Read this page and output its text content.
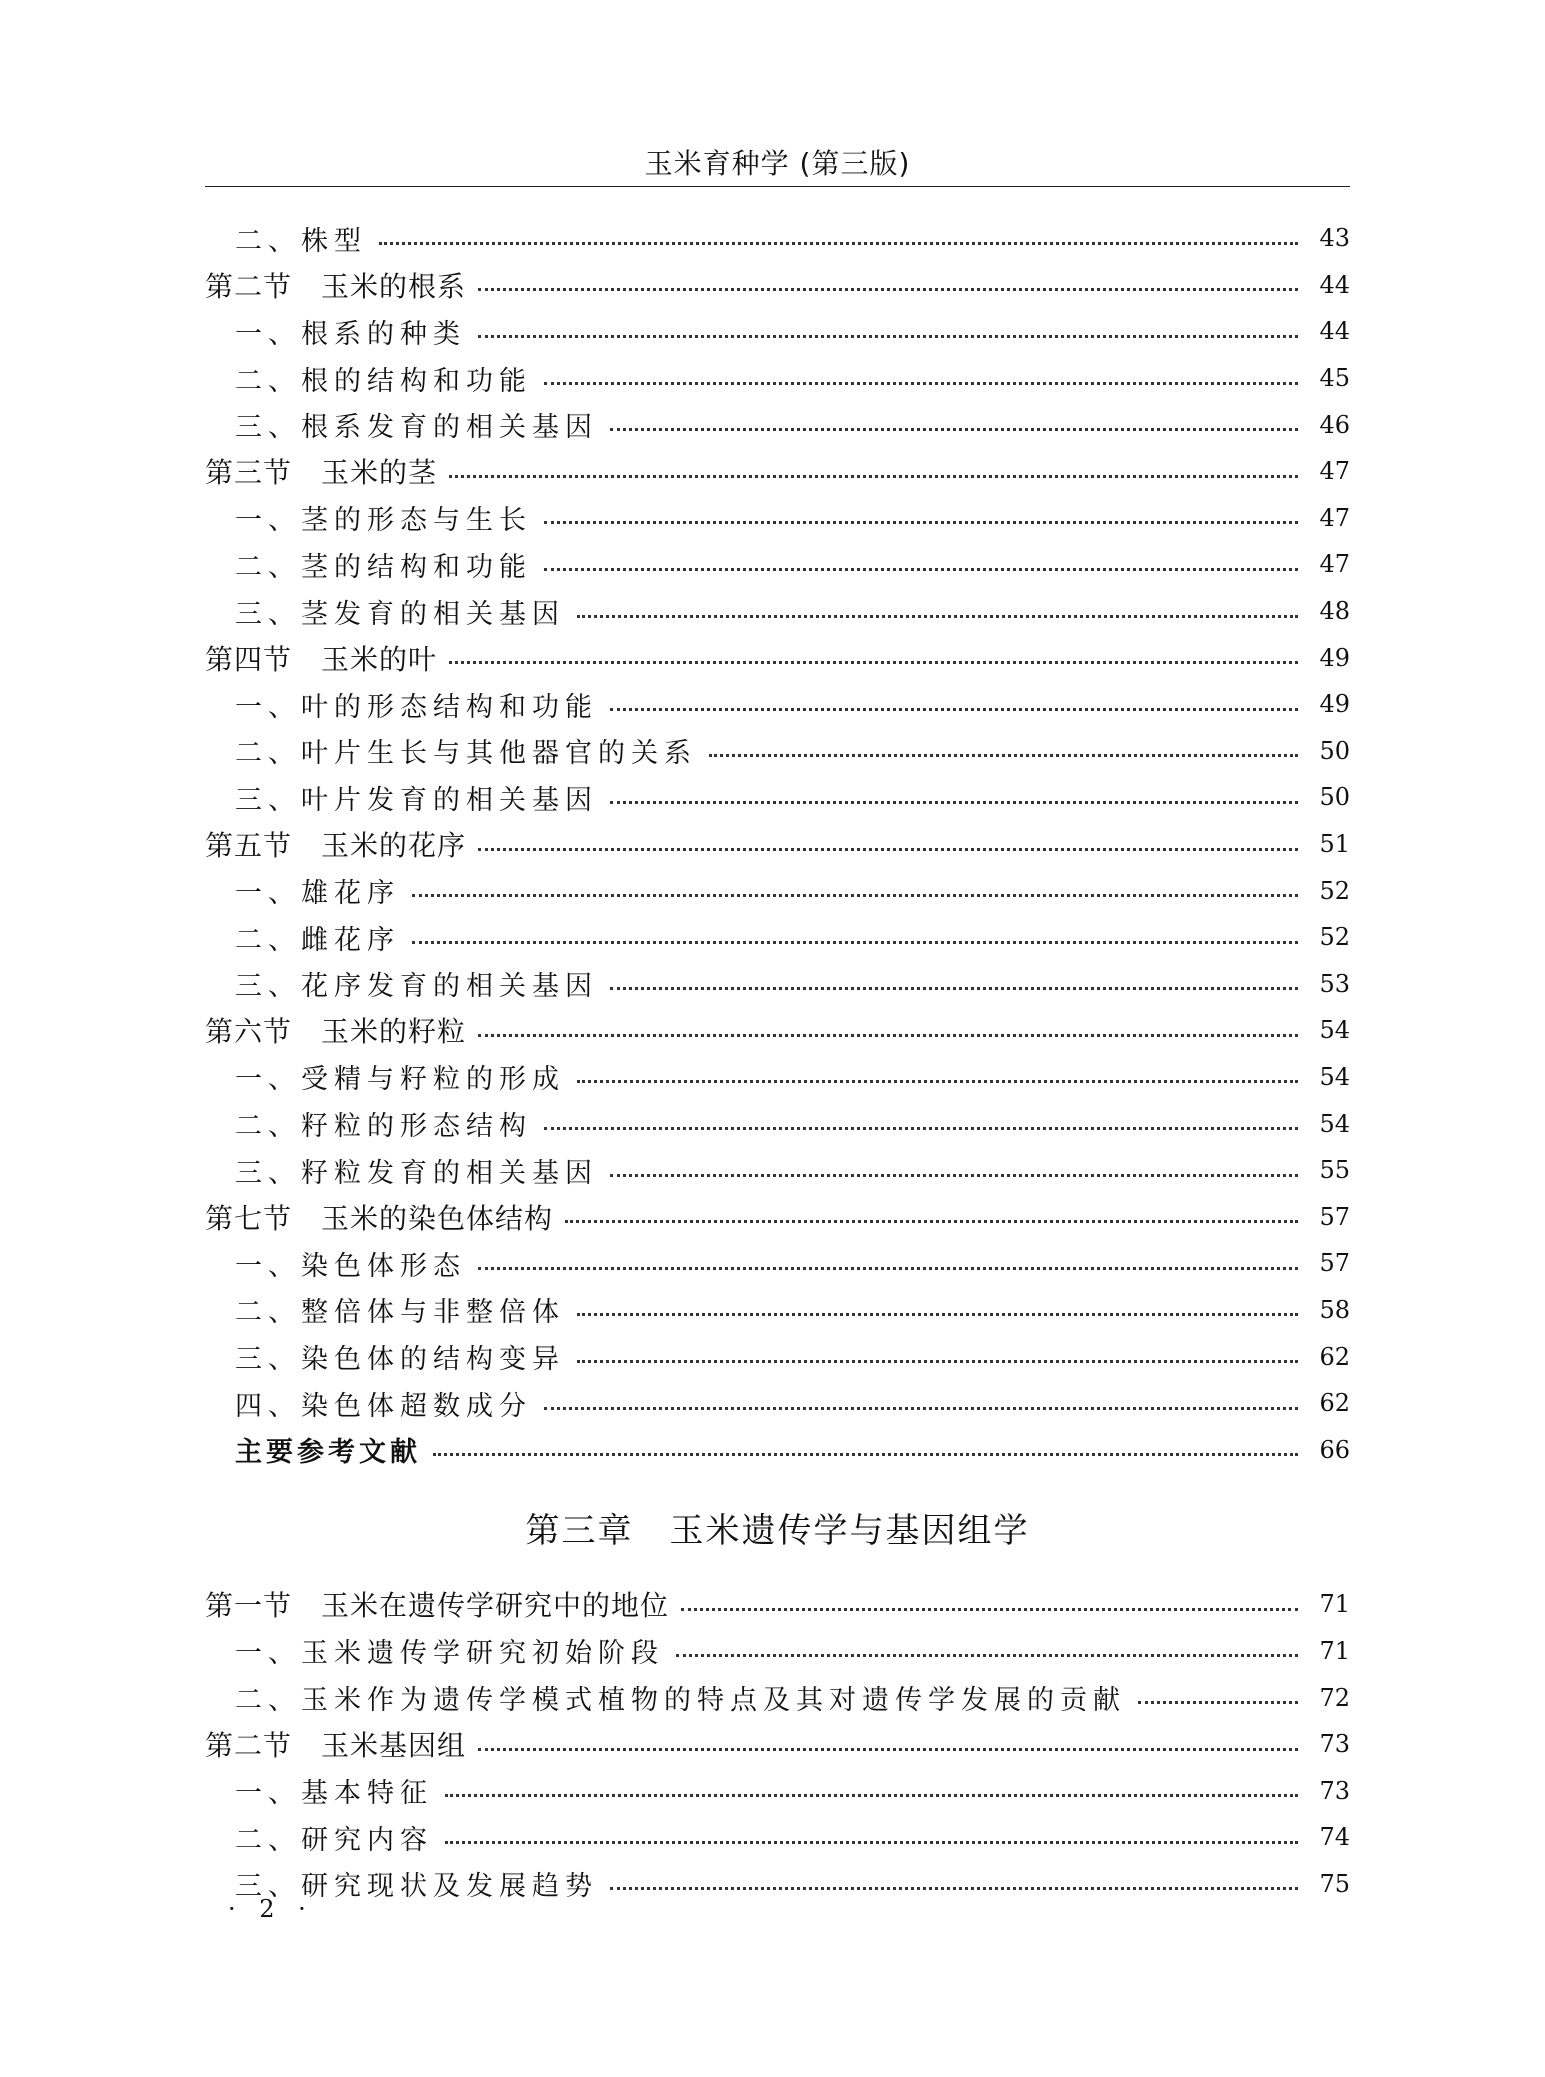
玉米育种学 (第三版)
二、株型	43
第二节　玉米的根系	44
一、根系的种类	44
二、根的结构和功能	45
三、根系发育的相关基因	46
第三节　玉米的茎	47
一、茎的形态与生长	47
二、茎的结构和功能	47
三、茎发育的相关基因	48
第四节　玉米的叶	49
一、叶的形态结构和功能	49
二、叶片生长与其他器官的关系	50
三、叶片发育的相关基因	50
第五节　玉米的花序	51
一、雄花序	52
二、雌花序	52
三、花序发育的相关基因	53
第六节　玉米的籽粒	54
一、受精与籽粒的形成	54
二、籽粒的形态结构	54
三、籽粒发育的相关基因	55
第七节　玉米的染色体结构	57
一、染色体形态	57
二、整倍体与非整倍体	58
三、染色体的结构变异	62
四、染色体超数成分	62
主要参考文献	66
第三章　玉米遗传学与基因组学
第一节　玉米在遗传学研究中的地位	71
一、玉米遗传学研究初始阶段	71
二、玉米作为遗传学模式植物的特点及其对遗传学发展的贡献	72
第二节　玉米基因组	73
一、基本特征	73
二、研究内容	74
三、研究现状及发展趋势	75
· 2 ·
